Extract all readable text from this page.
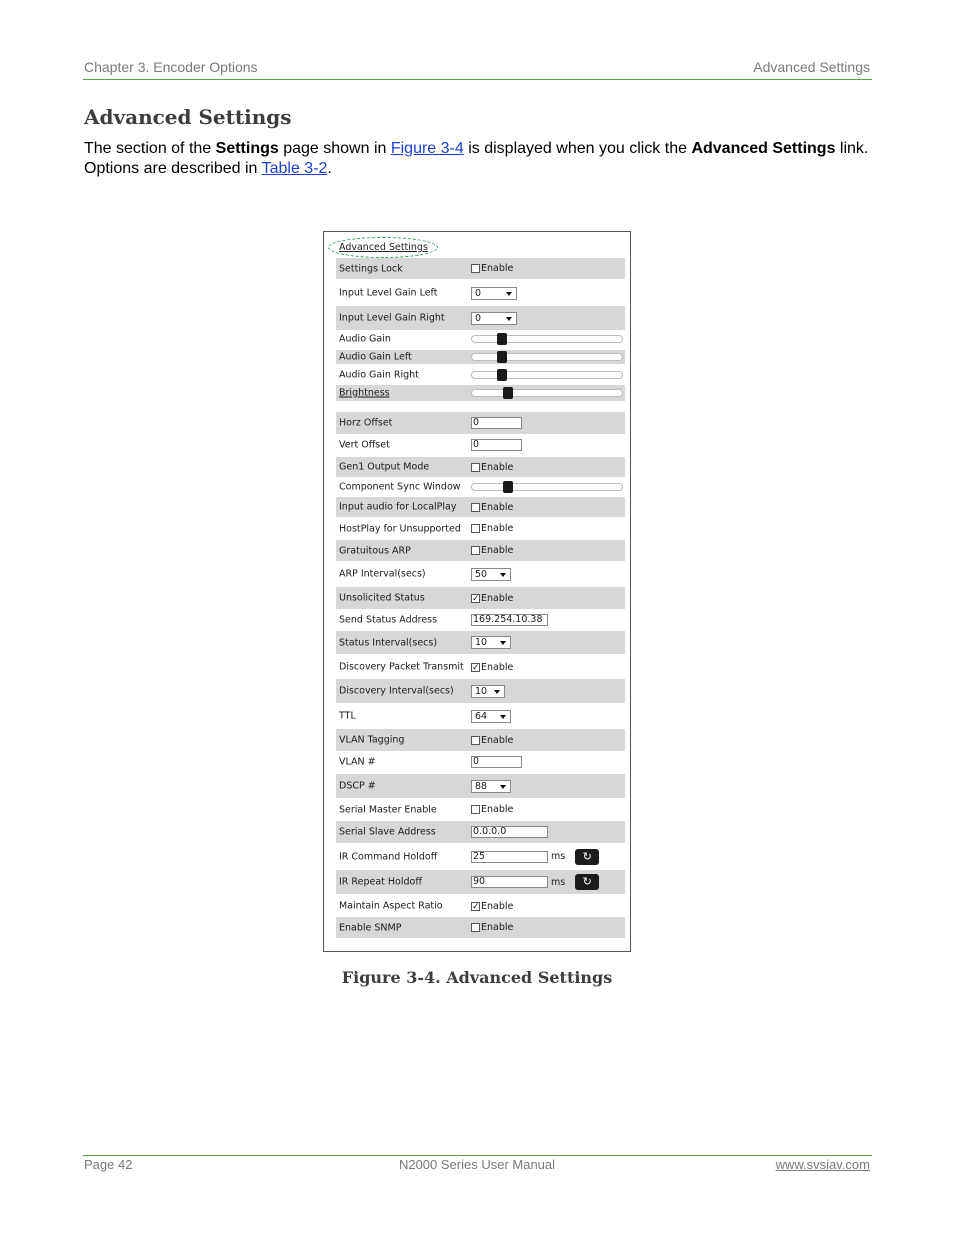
Chapter 3. Encoder Options	Advanced Settings
Advanced Settings
The section of the Settings page shown in Figure 3-4 is displayed when you click the Advanced Settings link. Options are described in Table 3-2.
Advanced Settings
Settings Lock	Enable
Input Level Gain Left	0
Input Level Gain Right	0
Audio Gain
Audio Gain Left
Audio Gain Right
Brightness
Horz Offset	0
Vert Offset	0
Gen1 Output Mode	Enable
Component Sync Window
Input audio for LocalPlay	Enable
HostPlay for Unsupported Enable
Gratuitous ARP	Enable
ARP Interval(secs)	50
Unsolicited Status	✓ Enable
Send Status Address	169.254.10.38
Status Interval(secs)	10
Discovery Packet Transmit ✓ Enable
Discovery Interval(secs)	10
TTL	64
VLAN Tagging	Enable
VLAN #	0
DSCP #	88
Serial Master Enable	Enable
Serial Slave Address	0.0.0.0
IR Command Holdoff	25	ms	↻
IR Repeat Holdoff	90	ms	↻
Maintain Aspect Ratio	✓ Enable
Enable SNMP	Enable
Figure 3-4. Advanced Settings
Page 42	N2000 Series User Manual	www.svsiav.com
